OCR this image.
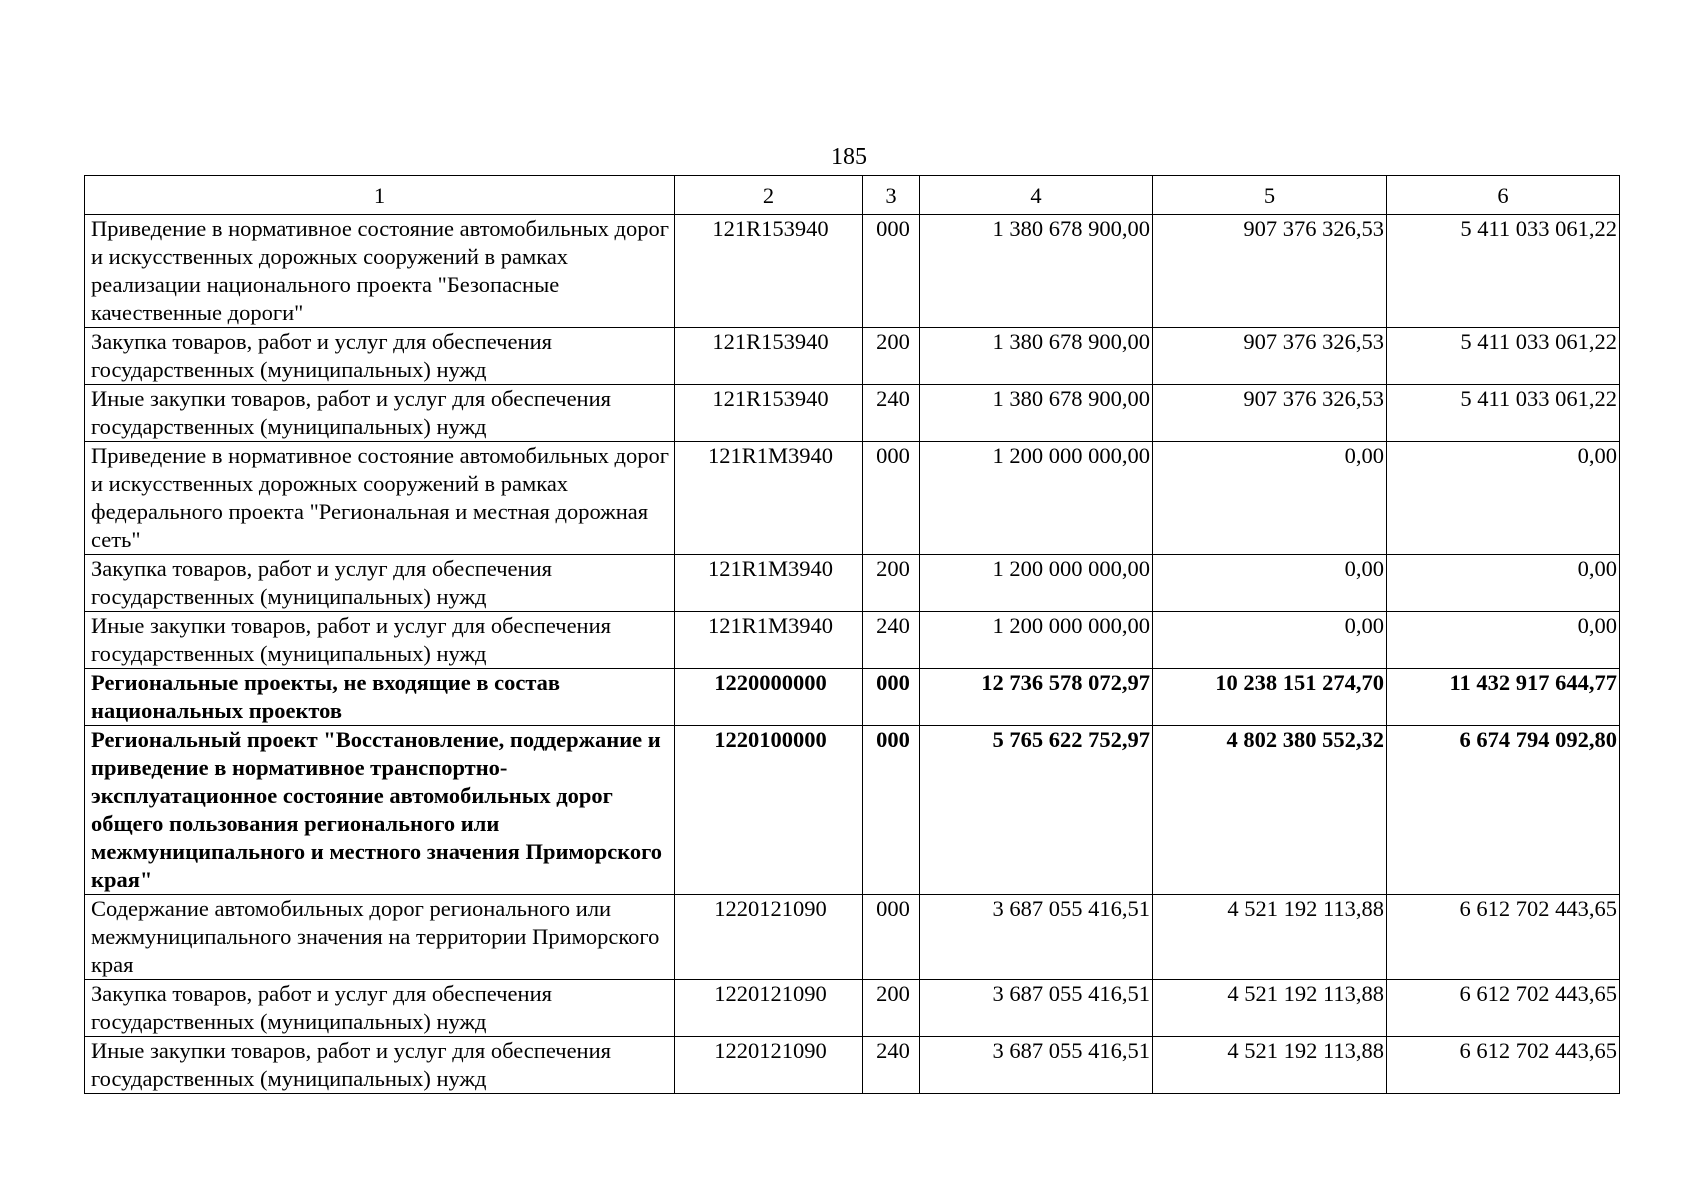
185
1	2	3	4	5	6
Приведение в нормативное состояние автомобильных дорог и искусственных дорожных сооружений в рамках реализации национального проекта "Безопасные качественные дороги"	121R153940	000	1 380 678 900,00	907 376 326,53	5 411 033 061,22
Закупка товаров, работ и услуг для обеспечения государственных (муниципальных) нужд	121R153940	200	1 380 678 900,00	907 376 326,53	5 411 033 061,22
Иные закупки товаров, работ и услуг для обеспечения государственных (муниципальных) нужд	121R153940	240	1 380 678 900,00	907 376 326,53	5 411 033 061,22
Приведение в нормативное состояние автомобильных дорог и искусственных дорожных сооружений в рамках федерального проекта "Региональная и местная дорожная сеть"	121R1M3940	000	1 200 000 000,00	0,00	0,00
Закупка товаров, работ и услуг для обеспечения государственных (муниципальных) нужд	121R1M3940	200	1 200 000 000,00	0,00	0,00
Иные закупки товаров, работ и услуг для обеспечения государственных (муниципальных) нужд	121R1M3940	240	1 200 000 000,00	0,00	0,00
Региональные проекты, не входящие в состав национальных проектов	1220000000	000	12 736 578 072,97	10 238 151 274,70	11 432 917 644,77
Региональный проект "Восстановление, поддержание и приведение в нормативное транспортно-эксплуатационное состояние автомобильных дорог общего пользования регионального или межмуниципального и местного значения Приморского края"	1220100000	000	5 765 622 752,97	4 802 380 552,32	6 674 794 092,80
Содержание автомобильных дорог регионального или межмуниципального значения на территории Приморского края	1220121090	000	3 687 055 416,51	4 521 192 113,88	6 612 702 443,65
Закупка товаров, работ и услуг для обеспечения государственных (муниципальных) нужд	1220121090	200	3 687 055 416,51	4 521 192 113,88	6 612 702 443,65
Иные закупки товаров, работ и услуг для обеспечения государственных (муниципальных) нужд	1220121090	240	3 687 055 416,51	4 521 192 113,88	6 612 702 443,65
